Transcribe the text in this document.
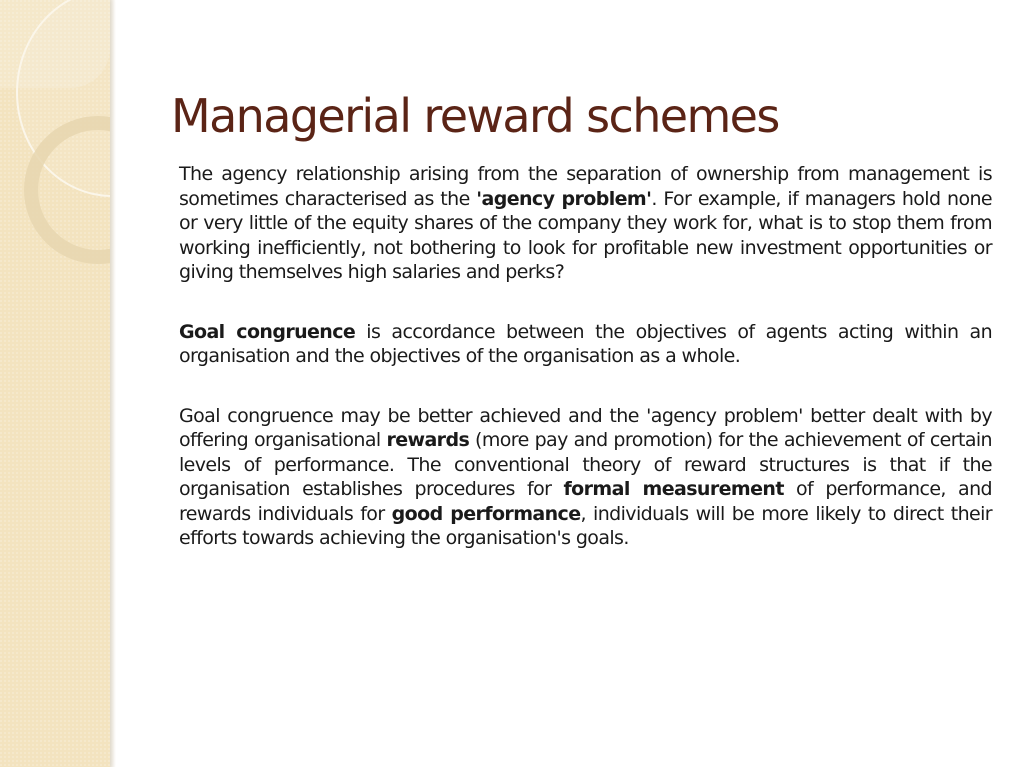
Managerial reward schemes

The agency relationship arising from the separation of ownership from management is sometimes characterised as the 'agency problem'. For example, if managers hold none or very little of the equity shares of the company they work for, what is to stop them from working inefficiently, not bothering to look for profitable new investment opportunities or giving themselves high salaries and perks?

Goal congruence is accordance between the objectives of agents acting within an organisation and the objectives of the organisation as a whole.

Goal congruence may be better achieved and the 'agency problem' better dealt with by offering organisational rewards (more pay and promotion) for the achievement of certain levels of performance. The conventional theory of reward structures is that if the organisation establishes procedures for formal measurement of performance, and rewards individuals for good performance, individuals will be more likely to direct their efforts towards achieving the organisation's goals.
